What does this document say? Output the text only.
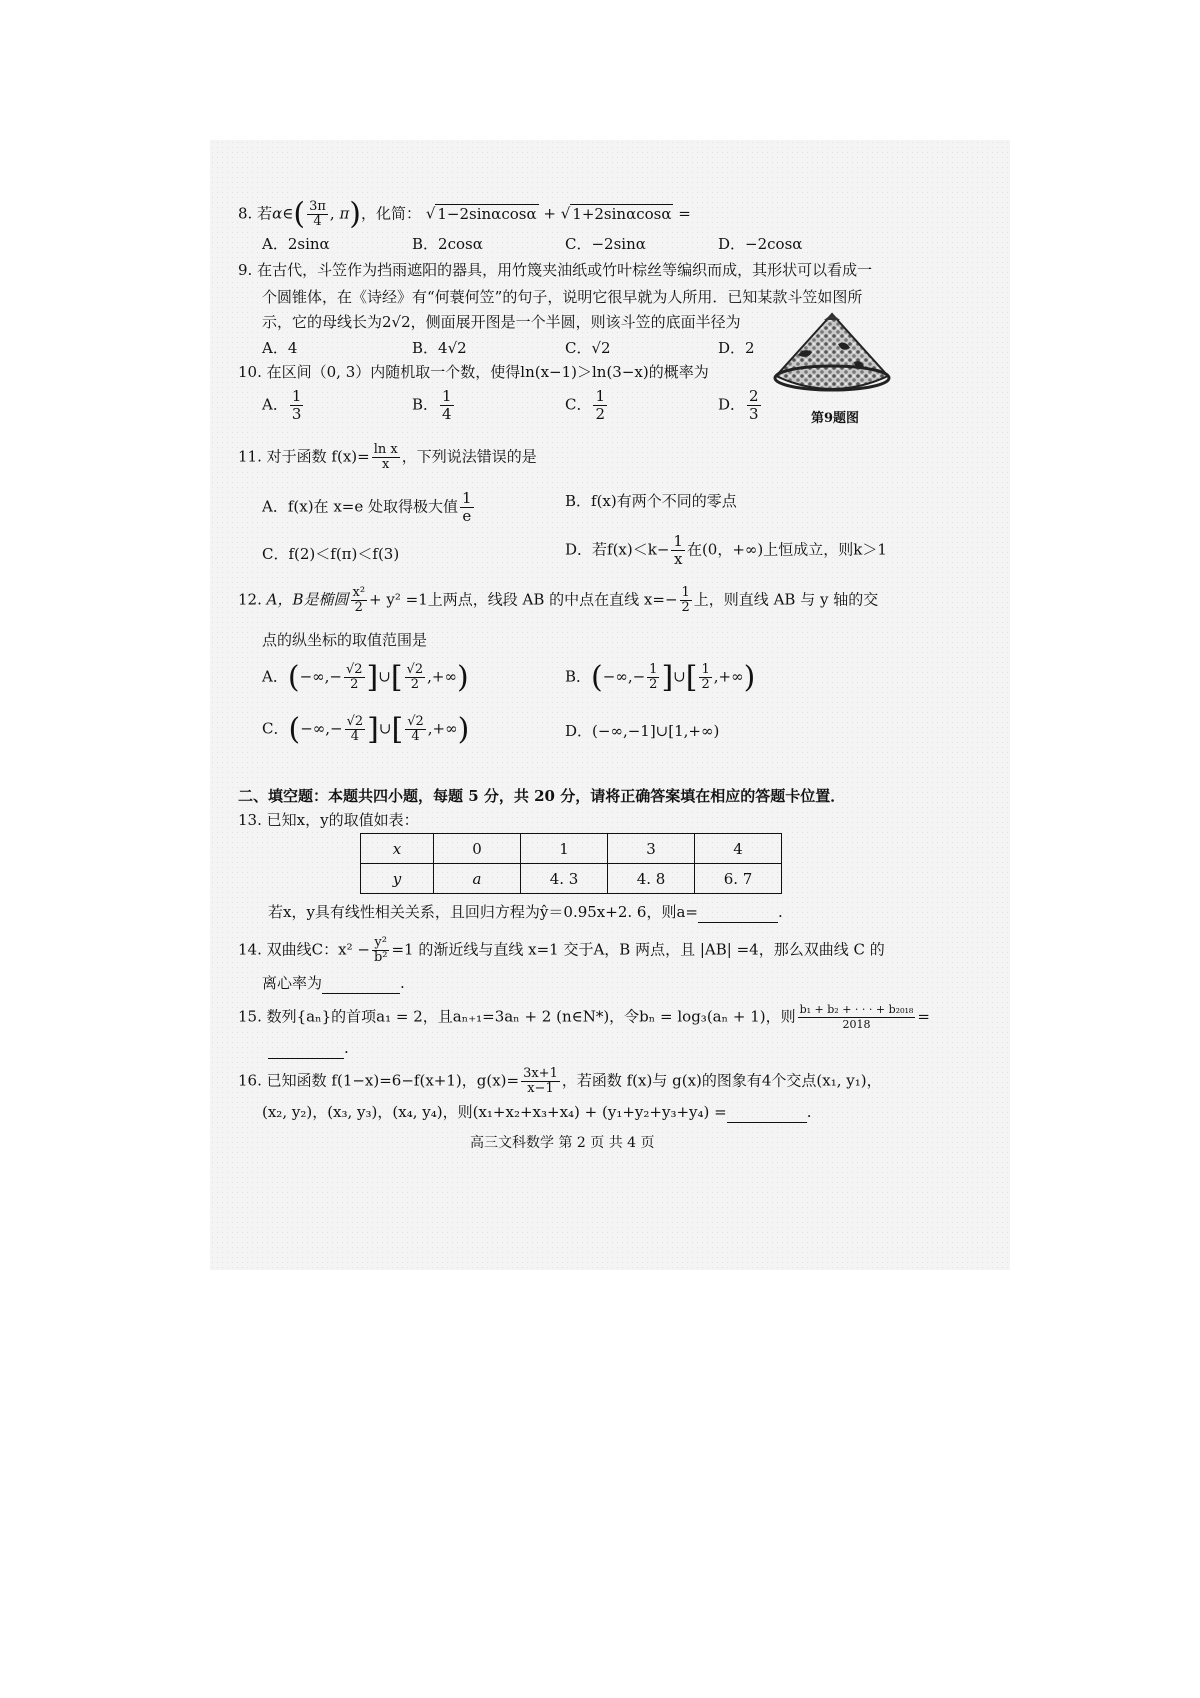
8. 若α∈( $\frac{3\pi}{4}$ , π)，化简： √ 1−2sinαcosα + √ 1+2sinαcosα =
A．2sinα	B．2cosα	C．−2sinα	D．−2cosα
9. 在古代，斗笠作为挡雨遮阳的器具，用竹篾夹油纸或竹叶棕丝等编织而成，其形状可以看成一
个圆锥体，在《诗经》有“何蓑何笠”的句子，说明它很早就为人所用．已知某款斗笠如图所
示，它的母线长为2√2，侧面展开图是一个半圆，则该斗笠的底面半径为
A．4	B．4√2	C．√2	D．2
第9题图
10. 在区间（0, 3）内随机取一个数，使得ln(x−1)＞ln(3−x)的概率为
A． $\frac{1}{3}$	B． $\frac{1}{4}$	C． $\frac{1}{2}$	D． $\frac{2}{3}$
11. 对于函数 $f(x)= \frac{\text{ln x}}{x}$ ，下列说法错误的是
A．f(x)在 x=e 处取得极大值 $\frac{1}{e}$	B．f(x)有两个不同的零点
C．f(2)＜f(π)＜f(3)	D．若$f(x)<k- \frac{1}{x}$ 在(0，+∞)上恒成立，则k＞1
12. A，B是椭圆 $\frac{\text{x²}}{2} + y^2 =1$上两点，线段 AB 的中点在直线 $x=- \frac{1}{2}$ 上，则直线 AB 与 y 轴的交
点的纵坐标的取值范围是
A．(−∞,− $\frac{√2}{2}$ ]∪[ $\frac{√2}{2}$ ,+∞)	B．(−∞,− $\frac{1}{2}$ ]∪[ $\frac{1}{2}$ ,+∞)
C．(−∞,− $\frac{√2}{4}$ ]∪[ $\frac{√2}{4}$ ,+∞)	D．(−∞,−1]∪[1,+∞)
二、填空题：本题共四小题，每题 5 分，共 20 分，请将正确答案填在相应的答题卡位置．
13. 已知x，y的取值如表：
x	0	1	3	4
y	a	4. 3	4. 8	6. 7
若x，y具有线性相关关系，且回归方程为ŷ＝0.95x+2. 6，则a=	.
14. 双曲线C：$x^2 - \frac{\text{y²}}{\text{b²}} =1$ 的渐近线与直线 x=1 交于A，B 两点，且 |AB| =4，那么双曲线 C 的
离心率为	.
15. 数列{aₙ}的首项a₁ = 2，且aₙ₊₁=3aₙ + 2 (n∈N*)，令bₙ = log₃(aₙ + 1)，则 $\frac{\text{b₁ + b₂ + · · · + b₂₀₁₈}}{2018}$ =
.
16. 已知函数 f(1−x)=6−f(x+1)，$g(x)= \frac{3x+1}{x-1}$ ，若函数 f(x)与 g(x)的图象有4个交点(x₁, y₁)，
(x₂, y₂)，(x₃, y₃)，(x₄, y₄)，则(x₁+x₂+x₃+x₄) + (y₁+y₂+y₃+y₄) =	.
高三文科数学 第 2 页 共 4 页
